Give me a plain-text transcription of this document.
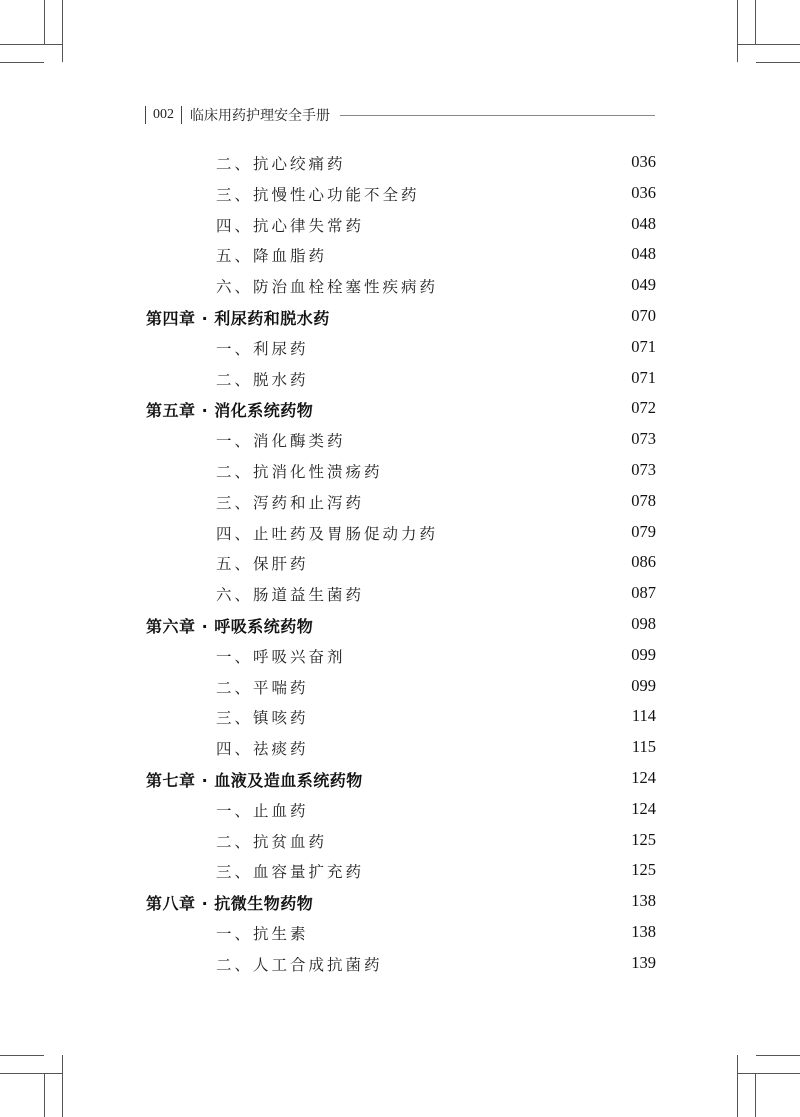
002	临床用药护理安全手册
二、抗心绞痛药	036
三、抗慢性心功能不全药	036
四、抗心律失常药	048
五、降血脂药	048
六、防治血栓栓塞性疾病药	049
第四章 · 利尿药和脱水药	070
一、利尿药	071
二、脱水药	071
第五章 · 消化系统药物	072
一、消化酶类药	073
二、抗消化性溃疡药	073
三、泻药和止泻药	078
四、止吐药及胃肠促动力药	079
五、保肝药	086
六、肠道益生菌药	087
第六章 · 呼吸系统药物	098
一、呼吸兴奋剂	099
二、平喘药	099
三、镇咳药	114
四、祛痰药	115
第七章 · 血液及造血系统药物	124
一、止血药	124
二、抗贫血药	125
三、血容量扩充药	125
第八章 · 抗微生物药物	138
一、抗生素	138
二、人工合成抗菌药	139
